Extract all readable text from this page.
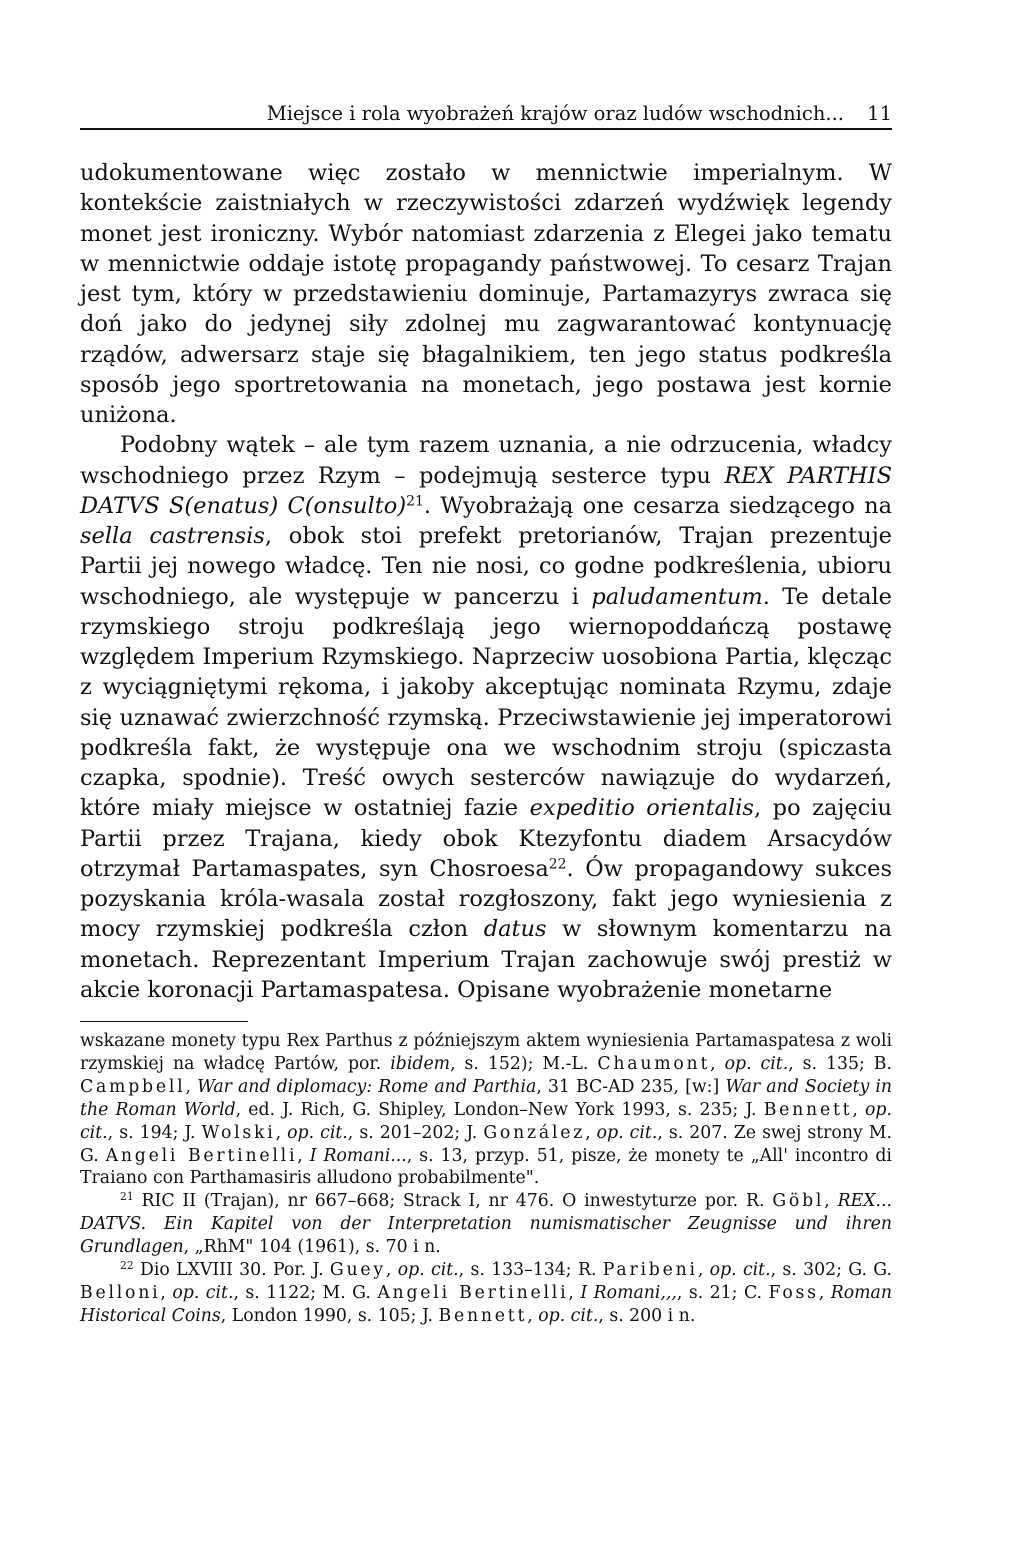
Miejsce i rola wyobrażeń krajów oraz ludów wschodnich... 11

udokumentowane więc zostało w mennictwie imperialnym. W kontekście zaistniałych w rzeczywistości zdarzeń wydźwięk legendy monet jest ironiczny. Wybór natomiast zdarzenia z Elegei jako tematu w mennictwie oddaje istotę propagandy państwowej. To cesarz Trajan jest tym, który w przedstawieniu dominuje, Partamazyrys zwraca się doń jako do jedynej siły zdolnej mu zagwarantować kontynuację rządów, adwersarz staje się błagalnikiem, ten jego status podkreśla sposób jego sportretowania na monetach, jego postawa jest kornie uniżona.

Podobny wątek – ale tym razem uznania, a nie odrzucenia, władcy wschodniego przez Rzym – podejmują sesterce typu REX PARTHIS DATVS S(enatus) C(onsulto)$^{21}$. Wyobrażają one cesarza siedzącego na sella castrensis, obok stoi prefekt pretorianów, Trajan prezentuje Partii jej nowego władcę. Ten nie nosi, co godne podkreślenia, ubioru wschodniego, ale występuje w pancerzu i paludamentum. Te detale rzymskiego stroju podkreślają jego wiernopoddańczą postawę względem Imperium Rzymskiego. Naprzeciw uosobiona Partia, klęcząc z wyciągniętymi rękoma, i jakoby akceptując nominata Rzymu, zdaje się uznawać zwierzchność rzymską. Przeciwstawienie jej imperatorowi podkreśla fakt, że występuje ona we wschodnim stroju (spiczasta czapka, spodnie). Treść owych sesterców nawiązuje do wydarzeń, które miały miejsce w ostatniej fazie expeditio orientalis, po zajęciu Partii przez Trajana, kiedy obok Ktezyfontu diadem Arsacydów otrzymał Partamaspates, syn Chosroesa$^{22}$. Ów propagandowy sukces pozyskania króla-wasala został rozgłoszony, fakt jego wyniesienia z mocy rzymskiej podkreśla człon datus w słownym komentarzu na monetach. Reprezentant Imperium Trajan zachowuje swój prestiż w akcie koronacji Partamaspatesa. Opisane wyobrażenie monetarne

wskazane monety typu Rex Parthus z późniejszym aktem wyniesienia Partamaspatesa z woli rzymskiej na władcę Partów, por. ibidem, s. 152); M.-L. Chaumont, op. cit., s. 135; B. Campbell, War and diplomacy: Rome and Parthia, 31 BC-AD 235, [w:] War and Society in the Roman World, ed. J. Rich, G. Shipley, London–New York 1993, s. 235; J. Bennett, op. cit., s. 194; J. Wolski, op. cit., s. 201–202; J. González, op. cit., s. 207. Ze swej strony M. G. Angeli Bertinelli, I Romani..., s. 13, przyp. 51, pisze, że monety te „All' incontro di Traiano con Parthamasiris alludono probabilmente".

$^{21}$ RIC II (Trajan), nr 667–668; Strack I, nr 476. O inwestyturze por. R. Göbl, REX... DATVS. Ein Kapitel von der Interpretation numismatischer Zeugnisse und ihren Grundlagen, „RhM" 104 (1961), s. 70 i n.

$^{22}$ Dio LXVIII 30. Por. J. Guey, op. cit., s. 133–134; R. Paribeni, op. cit., s. 302; G. G. Belloni, op. cit., s. 1122; M. G. Angeli Bertinelli, I Romani,,,, s. 21; C. Foss, Roman Historical Coins, London 1990, s. 105; J. Bennett, op. cit., s. 200 i n.
